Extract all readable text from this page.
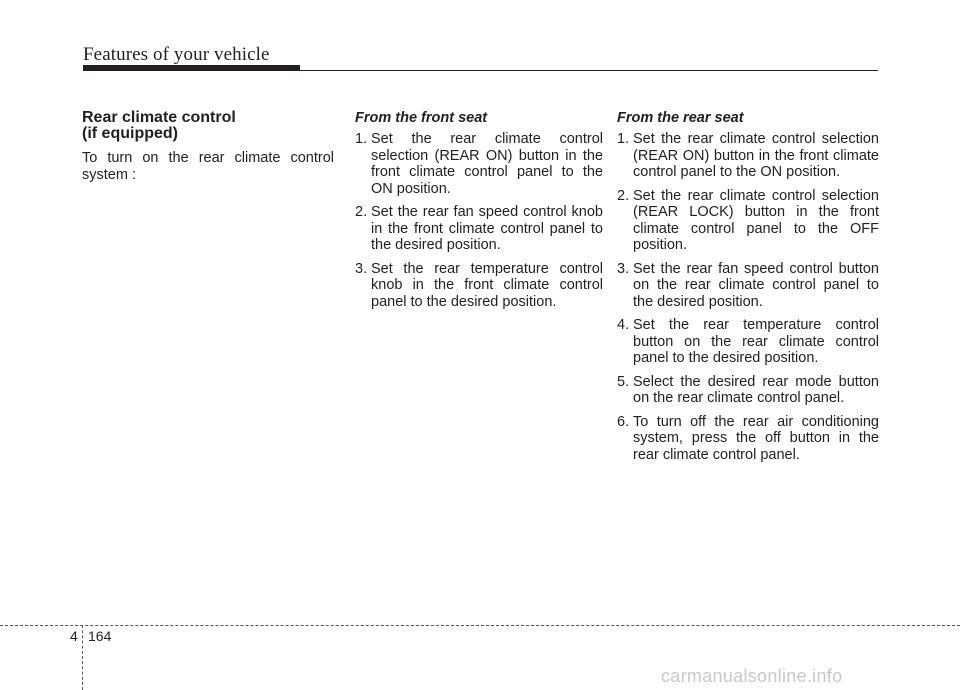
Features of your vehicle
Rear climate control
(if equipped)

To turn on the rear climate control system :

From the front seat
1. Set the rear climate control selection (REAR ON) button in the front climate control panel to the ON position.
2. Set the rear fan speed control knob in the front climate control panel to the desired position.
3. Set the rear temperature control knob in the front climate control panel to the desired position.
From the rear seat
1. Set the rear climate control selection (REAR ON) button in the front climate control panel to the ON position.
2. Set the rear climate control selection (REAR LOCK) button in the front climate control panel to the OFF position.
3. Set the rear fan speed control button on the rear climate control panel to the desired position.
4. Set the rear temperature control button on the rear climate control panel to the desired position.
5. Select the desired rear mode button on the rear climate control panel.
6. To turn off the rear air conditioning system, press the off button in the rear climate control panel.
4 164
carmanualsonline.info
